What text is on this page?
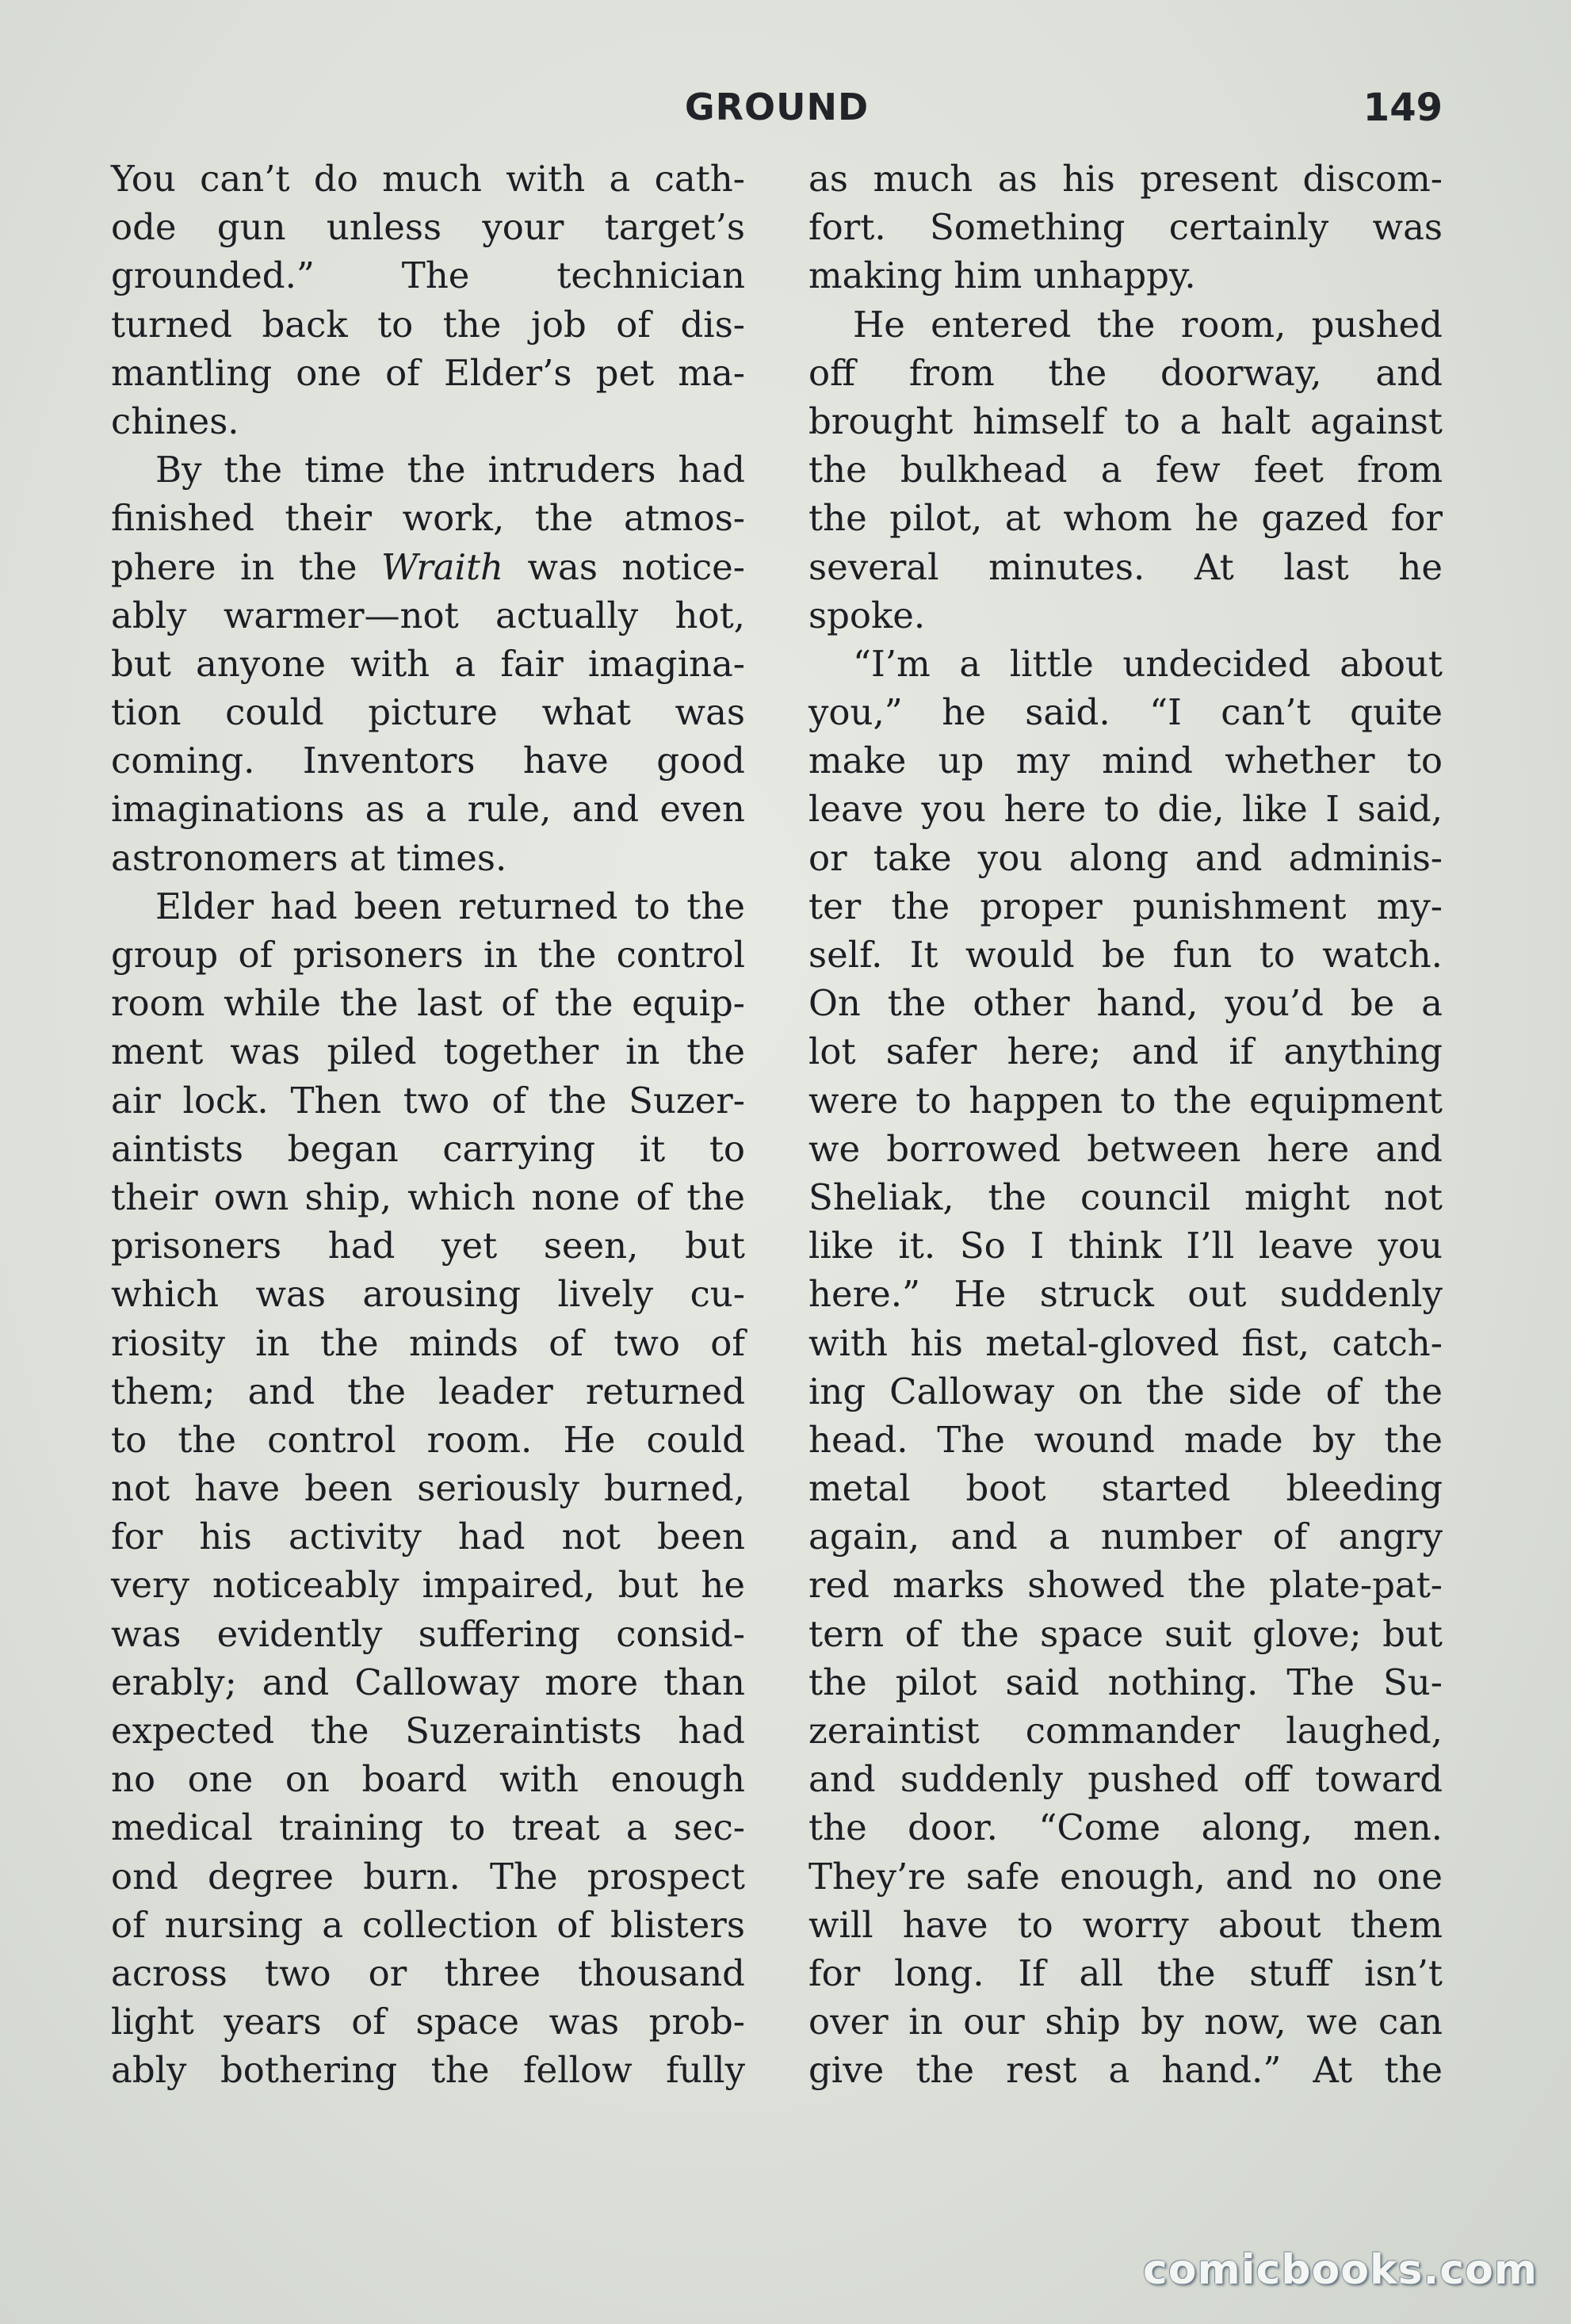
GROUND	149

You can’t do much with a cath-
ode gun unless your target’s
grounded.” The technician
turned back to the job of dis-
mantling one of Elder’s pet ma-
chines.

By the time the intruders had
finished their work, the atmos-
phere in the Wraith was notice-
ably warmer—not actually hot,
but anyone with a fair imagina-
tion could picture what was
coming. Inventors have good
imaginations as a rule, and even
astronomers at times.

Elder had been returned to the
group of prisoners in the control
room while the last of the equip-
ment was piled together in the
air lock. Then two of the Suzer-
aintists began carrying it to
their own ship, which none of the
prisoners had yet seen, but
which was arousing lively cu-
riosity in the minds of two of
them; and the leader returned
to the control room. He could
not have been seriously burned,
for his activity had not been
very noticeably impaired, but he
was evidently suffering consid-
erably; and Calloway more than
expected the Suzeraintists had
no one on board with enough
medical training to treat a sec-
ond degree burn. The prospect
of nursing a collection of blisters
across two or three thousand
light years of space was prob-
ably bothering the fellow fully

as much as his present discom-
fort. Something certainly was
making him unhappy.

He entered the room, pushed
off from the doorway, and
brought himself to a halt against
the bulkhead a few feet from
the pilot, at whom he gazed for
several minutes. At last he
spoke.

“I’m a little undecided about
you,” he said. “I can’t quite
make up my mind whether to
leave you here to die, like I said,
or take you along and adminis-
ter the proper punishment my-
self. It would be fun to watch.
On the other hand, you’d be a
lot safer here; and if anything
were to happen to the equipment
we borrowed between here and
Sheliak, the council might not
like it. So I think I’ll leave you
here.” He struck out suddenly
with his metal-gloved fist, catch-
ing Calloway on the side of the
head. The wound made by the
metal boot started bleeding
again, and a number of angry
red marks showed the plate-pat-
tern of the space suit glove; but
the pilot said nothing. The Su-
zeraintist commander laughed,
and suddenly pushed off toward
the door. “Come along, men.
They’re safe enough, and no one
will have to worry about them
for long. If all the stuff isn’t
over in our ship by now, we can
give the rest a hand.” At the

comicbooks.com
